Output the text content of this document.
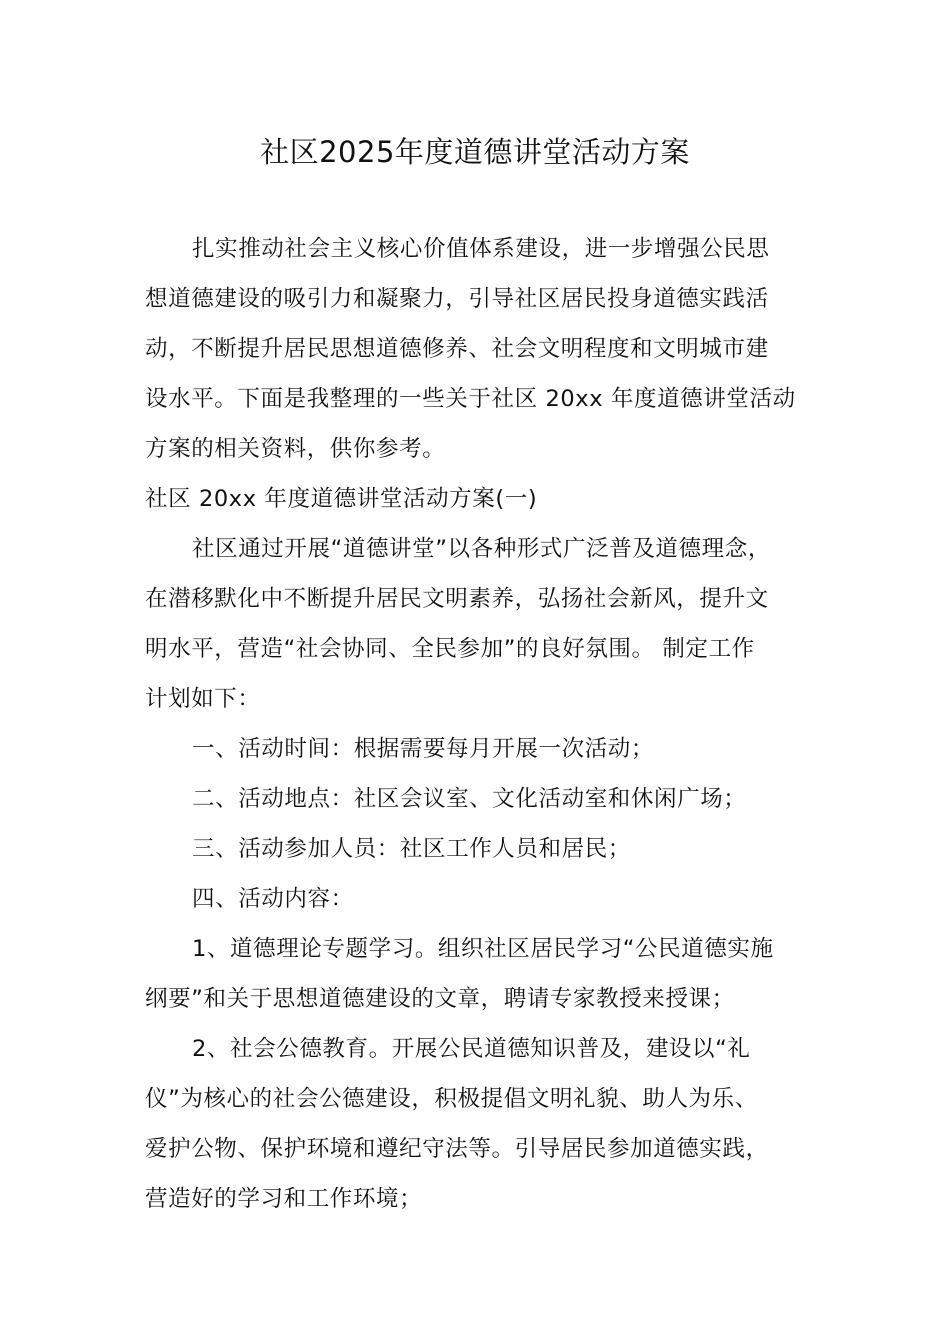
社区2025年度道德讲堂活动方案
扎实推动社会主义核心价值体系建设，进一步增强公民思
想道德建设的吸引力和凝聚力，引导社区居民投身道德实践活
动，不断提升居民思想道德修养、社会文明程度和文明城市建
设水平。下面是我整理的一些关于社区 20xx 年度道德讲堂活动
方案的相关资料，供你参考。
社区 20xx 年度道德讲堂活动方案(一)
社区通过开展“道德讲堂”以各种形式广泛普及道德理念，
在潜移默化中不断提升居民文明素养，弘扬社会新风，提升文
明水平，营造“社会协同、全民参加”的良好氛围。 制定工作
计划如下：
一、活动时间：根据需要每月开展一次活动；
二、活动地点：社区会议室、文化活动室和休闲广场；
三、活动参加人员：社区工作人员和居民；
四、活动内容：
1、道德理论专题学习。组织社区居民学习“公民道德实施
纲要”和关于思想道德建设的文章，聘请专家教授来授课；
2、社会公德教育。开展公民道德知识普及，建设以“礼
仪”为核心的社会公德建设，积极提倡文明礼貌、助人为乐、
爱护公物、保护环境和遵纪守法等。引导居民参加道德实践，
营造好的学习和工作环境；
